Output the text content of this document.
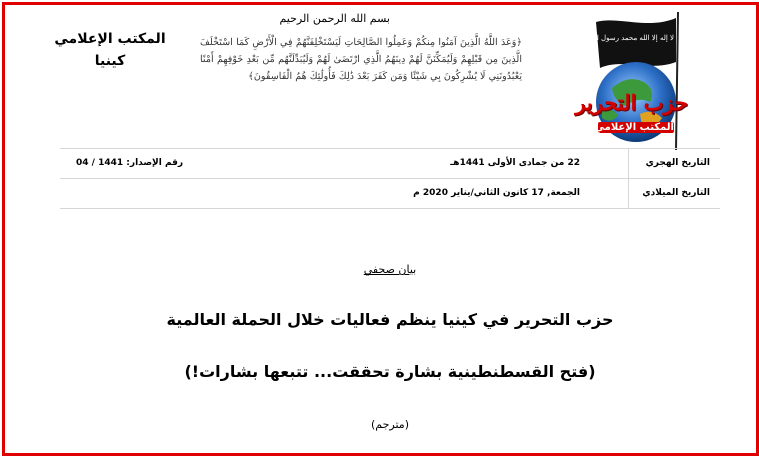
المكتب الإعلامي
كينيا
بسم الله الرحمن الرحيم
﴿وَعَدَ اللَّهُ الَّذِينَ آمَنُوا مِنكُمْ وَعَمِلُوا الصَّالِحَاتِ لَيَسْتَخْلِفَنَّهُمْ فِي الْأَرْضِ كَمَا اسْتَخْلَفَ الَّذِينَ مِن قَبْلِهِمْ وَلَيُمَكِّنَنَّ لَهُمْ دِينَهُمُ الَّذِي ارْتَضَىٰ لَهُمْ وَلَيُبَدِّلَنَّهُم مِّن بَعْدِ خَوْفِهِمْ أَمْنًا يَعْبُدُونَنِي لَا يُشْرِكُونَ بِي شَيْئًا وَمَن كَفَرَ بَعْدَ ذَٰلِكَ فَأُولَٰئِكَ هُمُ الْفَاسِقُونَ﴾
لا إله إلا الله محمد رسول الله
حزب التحرير
المكتب الإعلامي
التاريخ الهجري
22 من جمادى الأولى 1441هـ
رقم الإصدار: 1441 / 04
التاريخ الميلادي
الجمعة, 17 كانون الثاني/يناير 2020 م
بيان صحفي
حزب التحرير في كينيا ينظم فعاليات خلال الحملة العالمية
(فتح القسطنطينية بشارة تحققت... تتبعها بشارات!)
(مترجم)
